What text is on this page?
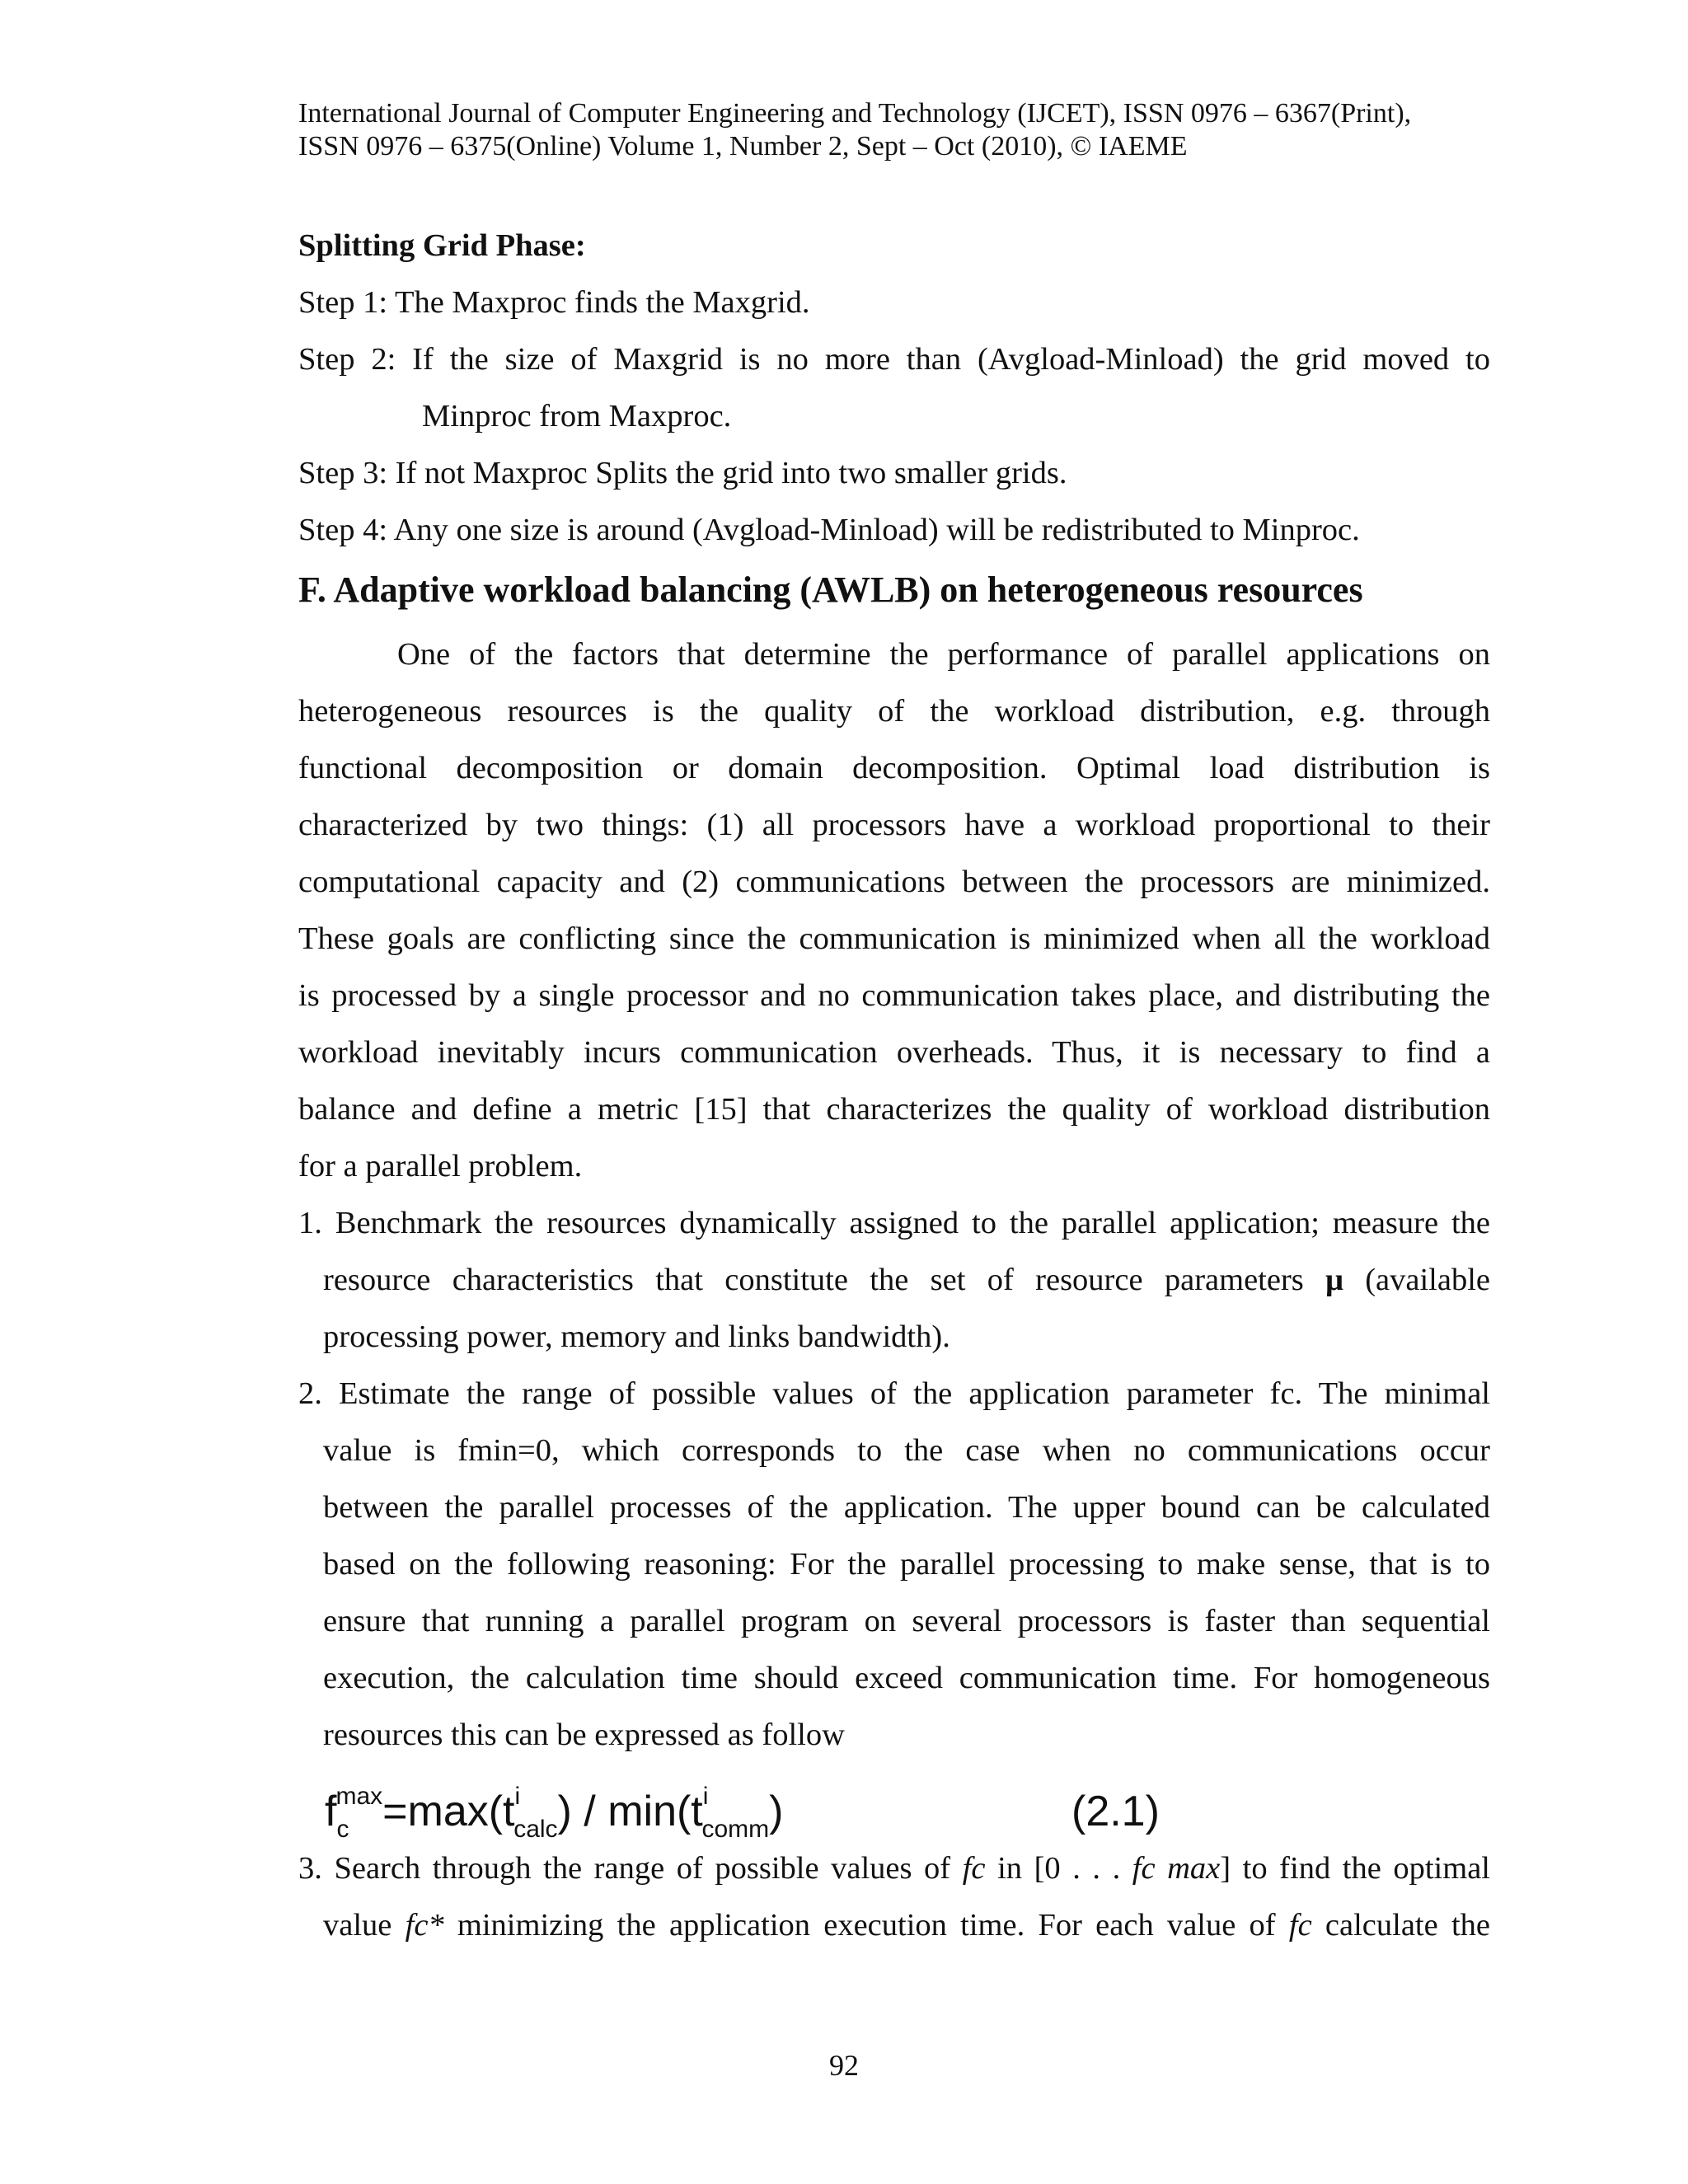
International Journal of Computer Engineering and Technology (IJCET), ISSN 0976 – 6367(Print),
ISSN 0976 – 6375(Online) Volume 1, Number 2, Sept – Oct (2010), © IAEME
Splitting Grid Phase:
Step 1: The Maxproc finds the Maxgrid.
Step 2: If the size of Maxgrid is no more than (Avgload-Minload) the grid moved to
Minproc from Maxproc.
Step 3: If not Maxproc Splits the grid into two smaller grids.
Step 4: Any one size is around (Avgload-Minload) will be redistributed to Minproc.
F. Adaptive workload balancing (AWLB) on heterogeneous resources
One of the factors that determine the performance of parallel applications on
heterogeneous resources is the quality of the workload distribution, e.g. through
functional decomposition or domain decomposition. Optimal load distribution is
characterized by two things: (1) all processors have a workload proportional to their
computational capacity and (2) communications between the processors are minimized.
These goals are conflicting since the communication is minimized when all the workload
is processed by a single processor and no communication takes place, and distributing the
workload inevitably incurs communication overheads. Thus, it is necessary to find a
balance and define a metric [15] that characterizes the quality of workload distribution
for a parallel problem.
1. Benchmark the resources dynamically assigned to the parallel application; measure the
resource characteristics that constitute the set of resource parameters μ (available
processing power, memory and links bandwidth).
2. Estimate the range of possible values of the application parameter fc. The minimal
value is fmin=0, which corresponds to the case when no communications occur
between the parallel processes of the application. The upper bound can be calculated
based on the following reasoning: For the parallel processing to make sense, that is to
ensure that running a parallel program on several processors is faster than sequential
execution, the calculation time should exceed communication time. For homogeneous
resources this can be expressed as follow
$f_c^{max}=\max(t^i_{calc}) / \min(t^i_{comm})$	(2.1)
3. Search through the range of possible values of fc in [0 . . . fc max] to find the optimal
value fc* minimizing the application execution time. For each value of fc calculate the
92
